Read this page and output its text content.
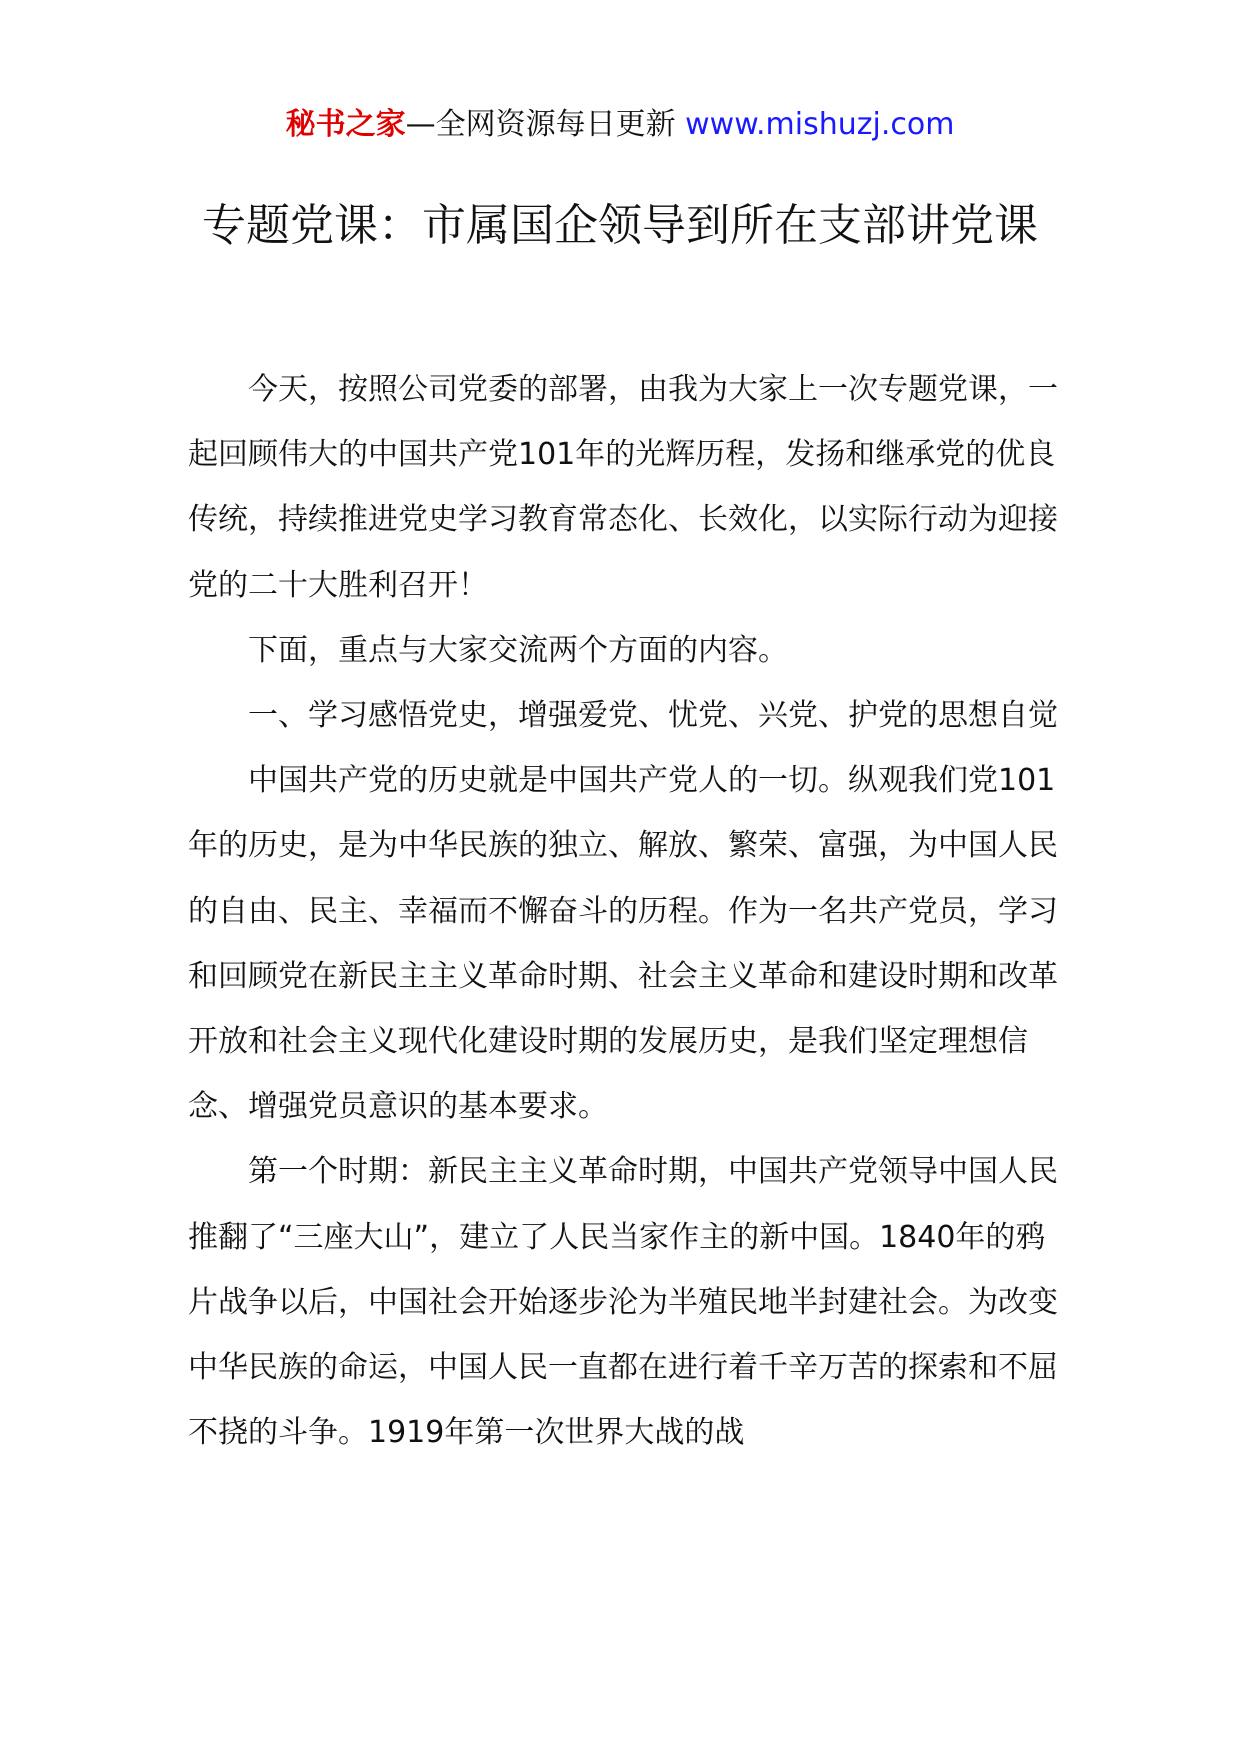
秘书之家—全网资源每日更新 www.mishuzj.com
专题党课：市属国企领导到所在支部讲党课

今天，按照公司党委的部署，由我为大家上一次专题党课，一起回顾伟大的中国共产党101年的光辉历程，发扬和继承党的优良传统，持续推进党史学习教育常态化、长效化，以实际行动为迎接党的二十大胜利召开！

下面，重点与大家交流两个方面的内容。

一、学习感悟党史，增强爱党、忧党、兴党、护党的思想自觉

中国共产党的历史就是中国共产党人的一切。纵观我们党101年的历史，是为中华民族的独立、解放、繁荣、富强，为中国人民的自由、民主、幸福而不懈奋斗的历程。作为一名共产党员，学习和回顾党在新民主主义革命时期、社会主义革命和建设时期和改革开放和社会主义现代化建设时期的发展历史，是我们坚定理想信念、增强党员意识的基本要求。

第一个时期：新民主主义革命时期，中国共产党领导中国人民推翻了“三座大山”，建立了人民当家作主的新中国。1840年的鸦片战争以后，中国社会开始逐步沦为半殖民地半封建社会。为改变中华民族的命运，中国人民一直都在进行着千辛万苦的探索和不屈不挠的斗争。1919年第一次世界大战的战
